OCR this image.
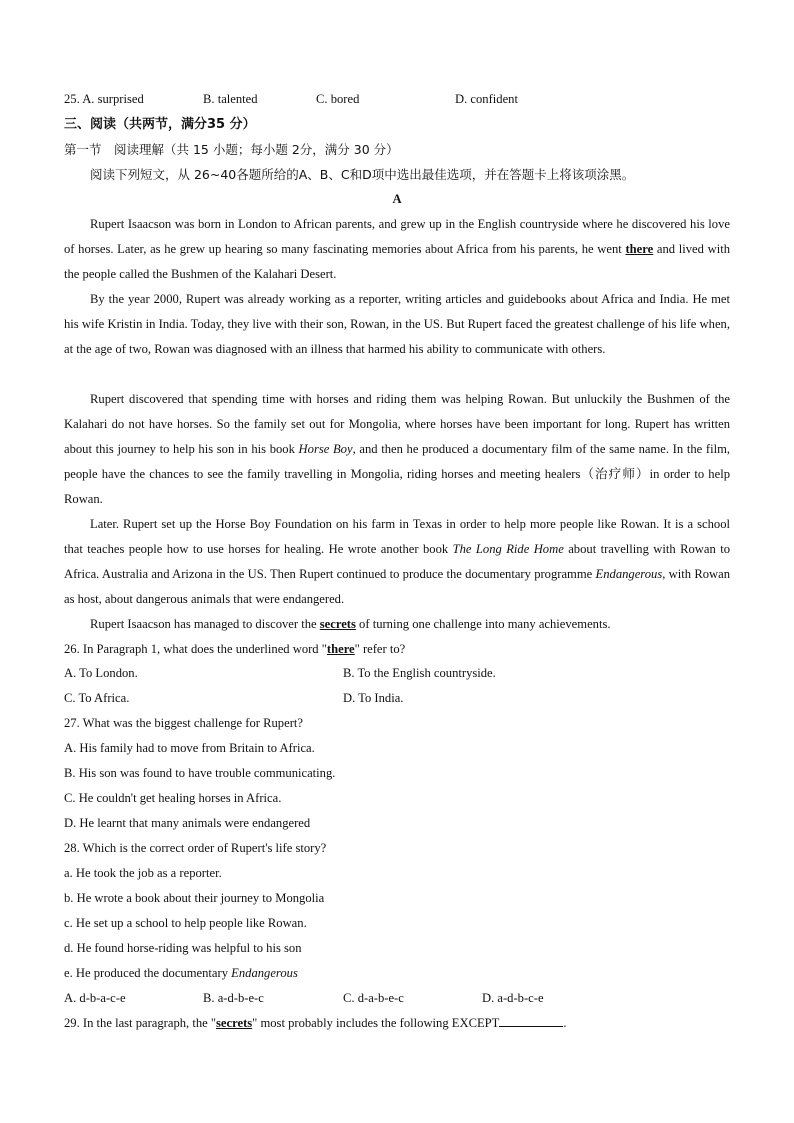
25. A. surprised	B. talented	C. bored	D. confident
三、阅读（共两节，满分35 分）
第一节　阅读理解（共 15 小题；每小题 2分，满分 30 分）
阅读下列短文，从 26~40各题所给的A、B、C和D项中选出最佳选项，并在答题卡上将该项涂黑。
A
Rupert Isaacson was born in London to African parents, and grew up in the English countryside where he discovered his love of horses. Later, as he grew up hearing so many fascinating memories about Africa from his parents, he went there and lived with the people called the Bushmen of the Kalahari Desert.
By the year 2000, Rupert was already working as a reporter, writing articles and guidebooks about Africa and India. He met his wife Kristin in India. Today, they live with their son, Rowan, in the US. But Rupert faced the greatest challenge of his life when, at the age of two, Rowan was diagnosed with an illness that harmed his ability to communicate with others.
Rupert discovered that spending time with horses and riding them was helping Rowan. But unluckily the Bushmen of the Kalahari do not have horses. So the family set out for Mongolia, where horses have been important for long. Rupert has written about this journey to help his son in his book Horse Boy, and then he produced a documentary film of the same name. In the film, people have the chances to see the family travelling in Mongolia, riding horses and meeting healers（治疗师）in order to help Rowan.
Later. Rupert set up the Horse Boy Foundation on his farm in Texas in order to help more people like Rowan. It is a school that teaches people how to use horses for healing. He wrote another book The Long Ride Home about travelling with Rowan to Africa. Australia and Arizona in the US. Then Rupert continued to produce the documentary programme Endangerous, with Rowan as host, about dangerous animals that were endangered.
Rupert Isaacson has managed to discover the secrets of turning one challenge into many achievements.
26. In Paragraph 1, what does the underlined word "there" refer to?
A. To London.	B. To the English countryside.
C. To Africa.	D. To India.
27. What was the biggest challenge for Rupert?
A. His family had to move from Britain to Africa.
B. His son was found to have trouble communicating.
C. He couldn't get healing horses in Africa.
D. He learnt that many animals were endangered
28. Which is the correct order of Rupert's life story?
a. He took the job as a reporter.
b. He wrote a book about their journey to Mongolia
c. He set up a school to help people like Rowan.
d. He found horse-riding was helpful to his son
e. He produced the documentary Endangerous
A. d-b-a-c-e	B. a-d-b-e-c	C. d-a-b-e-c	D. a-d-b-c-e
29. In the last paragraph, the "secrets" most probably includes the following EXCEPT	.
